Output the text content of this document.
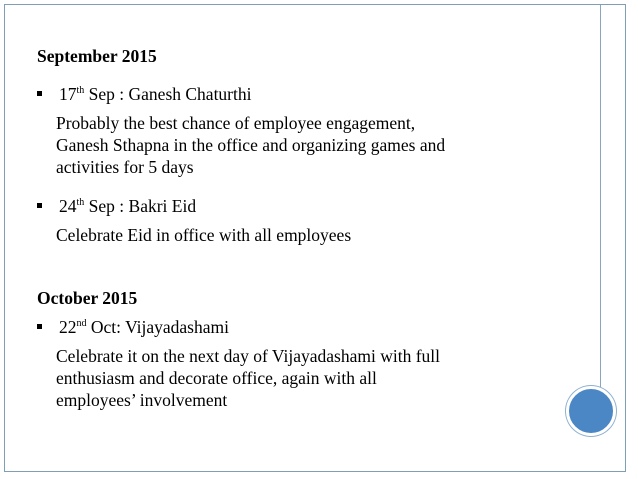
September 2015

17th Sep : Ganesh Chaturthi

Probably the best chance of employee engagement,
Ganesh Sthapna in the office and organizing games and
activities for 5 days

24th Sep : Bakri Eid

Celebrate Eid in office with all employees

October 2015

22nd Oct: Vijayadashami

Celebrate it on the next day of Vijayadashami with full
enthusiasm and decorate office, again with all
employees’ involvement
